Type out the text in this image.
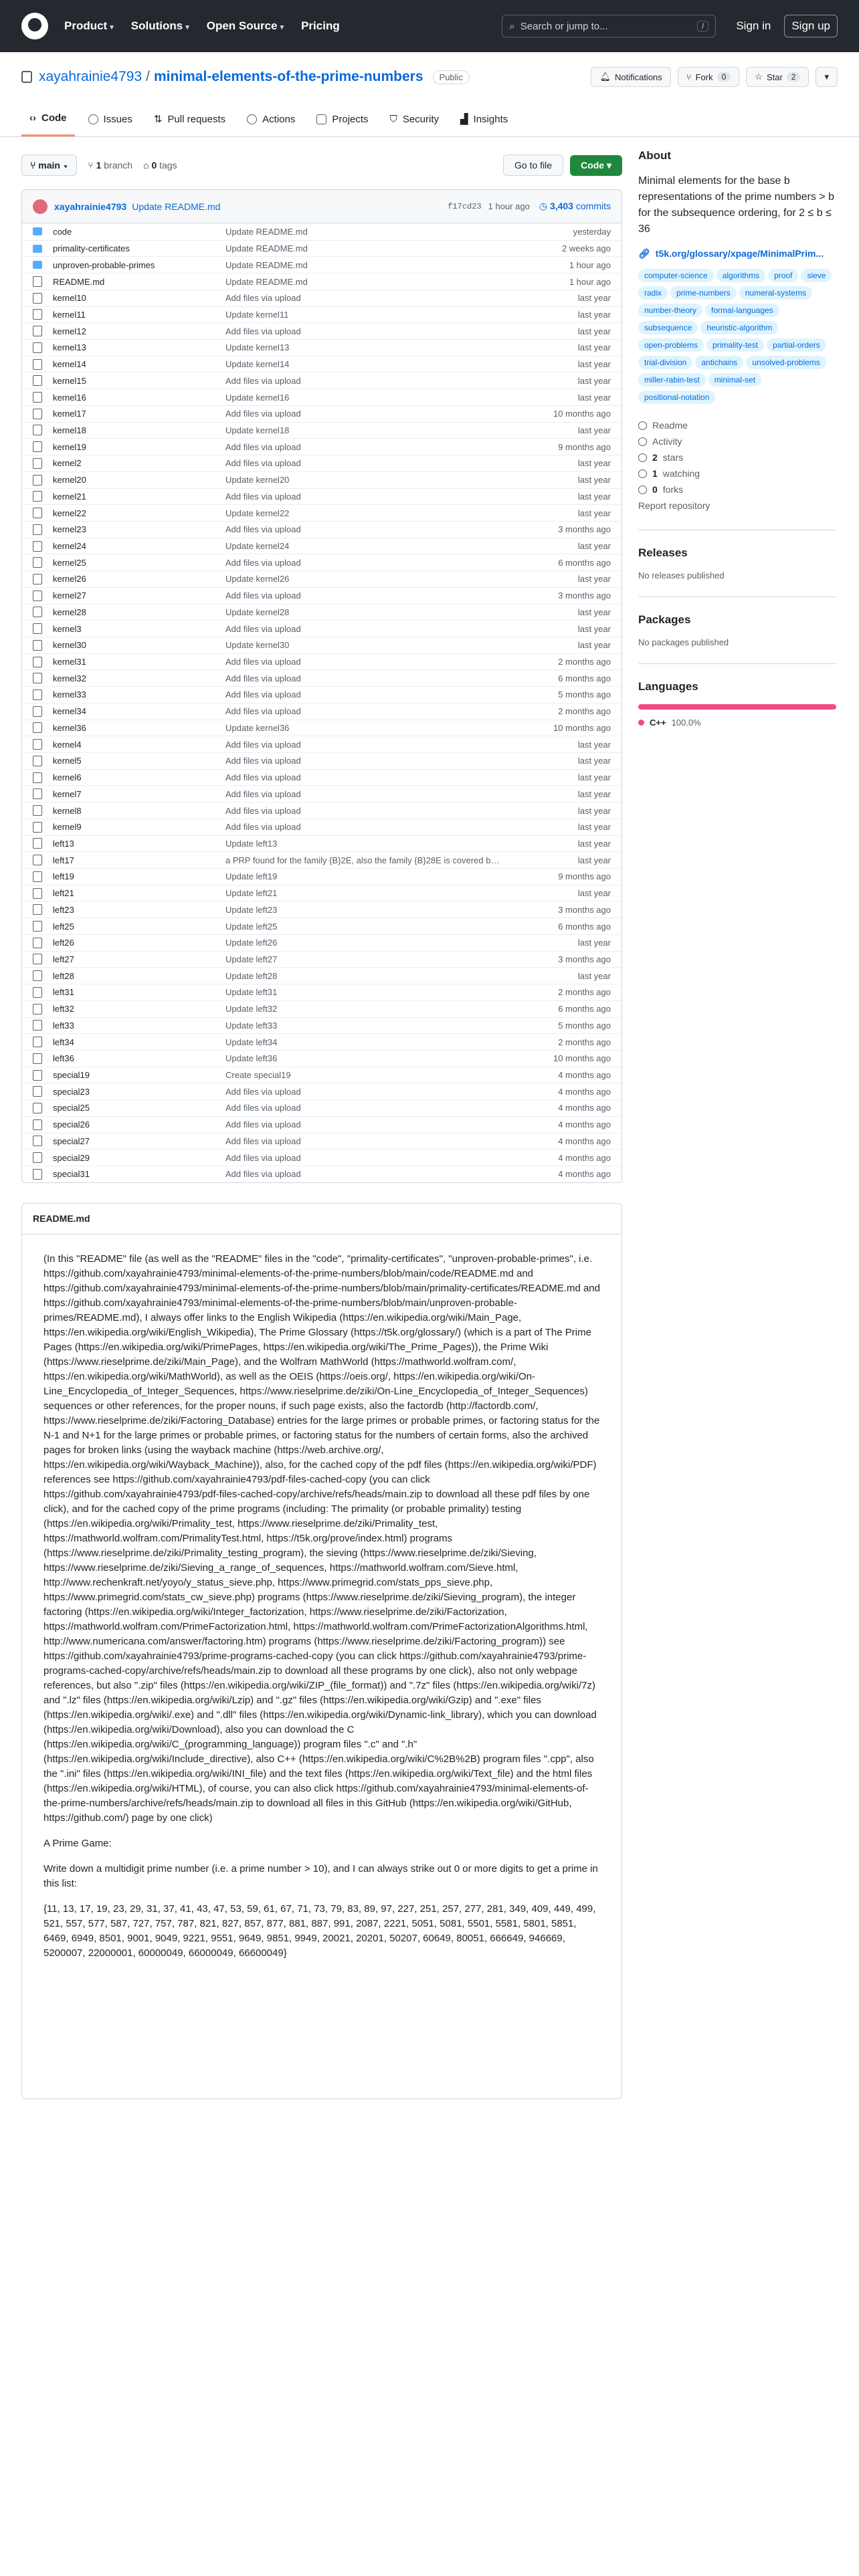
Product ▾ Solutions ▾ Open Source ▾ Pricing	⌕ Search or jump to...	/	Sign in	Sign up
xayahrainie4793 / minimal-elements-of-the-prime-numbers	Public	🔔︎ Notifications	⑂ Fork	0	☆ Star	2	▾
‹› Code	Issues ⇅ Pull requests	Actions	Projects ⛉ Security ▟ Insights
⑂ main ▾	⑂ 1 branch ⌂ 0 tags	Go to file	Code ▾
xayahrainie4793 Update README.md	f17cd23 1 hour ago ◷ 3,403 commits
code	Update README.md	yesterday
primality-certificates	Update README.md	2 weeks ago
unproven-probable-primes	Update README.md	1 hour ago
README.md	Update README.md	1 hour ago
kernel10	Add files via upload	last year
kernel11	Update kernel11	last year
kernel12	Add files via upload	last year
kernel13	Update kernel13	last year
kernel14	Update kernel14	last year
kernel15	Add files via upload	last year
kernel16	Update kernel16	last year
kernel17	Add files via upload	10 months ago
kernel18	Update kernel18	last year
kernel19	Add files via upload	9 months ago
kernel2	Add files via upload	last year
kernel20	Update kernel20	last year
kernel21	Add files via upload	last year
kernel22	Update kernel22	last year
kernel23	Add files via upload	3 months ago
kernel24	Update kernel24	last year
kernel25	Add files via upload	6 months ago
kernel26	Update kernel26	last year
kernel27	Add files via upload	3 months ago
kernel28	Update kernel28	last year
kernel3	Add files via upload	last year
kernel30	Update kernel30	last year
kernel31	Add files via upload	2 months ago
kernel32	Add files via upload	6 months ago
kernel33	Add files via upload	5 months ago
kernel34	Add files via upload	2 months ago
kernel36	Update kernel36	10 months ago
kernel4	Add files via upload	last year
kernel5	Add files via upload	last year
kernel6	Add files via upload	last year
kernel7	Add files via upload	last year
kernel8	Add files via upload	last year
kernel9	Add files via upload	last year
left13	Update left13	last year
left17	a PRP found for the family {B}2E, also the family {B}28E is covered b…	last year
left19	Update left19	9 months ago
left21	Update left21	last year
left23	Update left23	3 months ago
left25	Update left25	6 months ago
left26	Update left26	last year
left27	Update left27	3 months ago
left28	Update left28	last year
left31	Update left31	2 months ago
left32	Update left32	6 months ago
left33	Update left33	5 months ago
left34	Update left34	2 months ago
left36	Update left36	10 months ago
special19	Create special19	4 months ago
special23	Add files via upload	4 months ago
special25	Add files via upload	4 months ago
special26	Add files via upload	4 months ago
special27	Add files via upload	4 months ago
special29	Add files via upload	4 months ago
special31	Add files via upload	4 months ago
README.md

(In this "README" file (as well as the "README" files in the "code", "primality-certificates", "unproven-probable-primes", i.e. https://github.com/xayahrainie4793/minimal-elements-of-the-prime-numbers/blob/main/code/README.md and https://github.com/xayahrainie4793/minimal-elements-of-the-prime-numbers/blob/main/primality-certificates/README.md and https://github.com/xayahrainie4793/minimal-elements-of-the-prime-numbers/blob/main/unproven-probable-primes/README.md), I always offer links to the English Wikipedia (https://en.wikipedia.org/wiki/Main_Page, https://en.wikipedia.org/wiki/English_Wikipedia), The Prime Glossary (https://t5k.org/glossary/) (which is a part of The Prime Pages (https://en.wikipedia.org/wiki/PrimePages, https://en.wikipedia.org/wiki/The_Prime_Pages)), the Prime Wiki (https://www.rieselprime.de/ziki/Main_Page), and the Wolfram MathWorld (https://mathworld.wolfram.com/, https://en.wikipedia.org/wiki/MathWorld), as well as the OEIS (https://oeis.org/, https://en.wikipedia.org/wiki/On-Line_Encyclopedia_of_Integer_Sequences, https://www.rieselprime.de/ziki/On-Line_Encyclopedia_of_Integer_Sequences) sequences or other references, for the proper nouns, if such page exists, also the factordb (http://factordb.com/, https://www.rieselprime.de/ziki/Factoring_Database) entries for the large primes or probable primes, or factoring status for the N-1 and N+1 for the large primes or probable primes, or factoring status for the numbers of certain forms, also the archived pages for broken links (using the wayback machine (https://web.archive.org/, https://en.wikipedia.org/wiki/Wayback_Machine)), also, for the cached copy of the pdf files (https://en.wikipedia.org/wiki/PDF) references see https://github.com/xayahrainie4793/pdf-files-cached-copy (you can click https://github.com/xayahrainie4793/pdf-files-cached-copy/archive/refs/heads/main.zip to download all these pdf files by one click), and for the cached copy of the prime programs (including: The primality (or probable primality) testing (https://en.wikipedia.org/wiki/Primality_test, https://www.rieselprime.de/ziki/Primality_test, https://mathworld.wolfram.com/PrimalityTest.html, https://t5k.org/prove/index.html) programs (https://www.rieselprime.de/ziki/Primality_testing_program), the sieving (https://www.rieselprime.de/ziki/Sieving, https://www.rieselprime.de/ziki/Sieving_a_range_of_sequences, https://mathworld.wolfram.com/Sieve.html, http://www.rechenkraft.net/yoyo/y_status_sieve.php, https://www.primegrid.com/stats_pps_sieve.php, https://www.primegrid.com/stats_cw_sieve.php) programs (https://www.rieselprime.de/ziki/Sieving_program), the integer factoring (https://en.wikipedia.org/wiki/Integer_factorization, https://www.rieselprime.de/ziki/Factorization, https://mathworld.wolfram.com/PrimeFactorization.html, https://mathworld.wolfram.com/PrimeFactorizationAlgorithms.html, http://www.numericana.com/answer/factoring.htm) programs (https://www.rieselprime.de/ziki/Factoring_program)) see https://github.com/xayahrainie4793/prime-programs-cached-copy (you can click https://github.com/xayahrainie4793/prime-programs-cached-copy/archive/refs/heads/main.zip to download all these programs by one click), also not only webpage references, but also ".zip" files (https://en.wikipedia.org/wiki/ZIP_(file_format)) and ".7z" files (https://en.wikipedia.org/wiki/7z) and ".lz" files (https://en.wikipedia.org/wiki/Lzip) and ".gz" files (https://en.wikipedia.org/wiki/Gzip) and ".exe" files (https://en.wikipedia.org/wiki/.exe) and ".dll" files (https://en.wikipedia.org/wiki/Dynamic-link_library), which you can download (https://en.wikipedia.org/wiki/Download), also you can download the C (https://en.wikipedia.org/wiki/C_(programming_language)) program files ".c" and ".h" (https://en.wikipedia.org/wiki/Include_directive), also C++ (https://en.wikipedia.org/wiki/C%2B%2B) program files ".cpp", also the ".ini" files (https://en.wikipedia.org/wiki/INI_file) and the text files (https://en.wikipedia.org/wiki/Text_file) and the html files (https://en.wikipedia.org/wiki/HTML), of course, you can also click https://github.com/xayahrainie4793/minimal-elements-of-the-prime-numbers/archive/refs/heads/main.zip to download all files in this GitHub (https://en.wikipedia.org/wiki/GitHub, https://github.com/) page by one click)

A Prime Game:

Write down a multidigit prime number (i.e. a prime number > 10), and I can always strike out 0 or more digits to get a prime in this list:

{11, 13, 17, 19, 23, 29, 31, 37, 41, 43, 47, 53, 59, 61, 67, 71, 73, 79, 83, 89, 97, 227, 251, 257, 277, 281, 349, 409, 449, 499, 521, 557, 577, 587, 727, 757, 787, 821, 827, 857, 877, 881, 887, 991, 2087, 2221, 5051, 5081, 5501, 5581, 5801, 5851, 6469, 6949, 8501, 9001, 9049, 9221, 9551, 9649, 9851, 9949, 20021, 20201, 50207, 60649, 80051, 666649, 946669, 5200007, 22000001, 60000049, 66000049, 66600049}

About
Minimal elements for the base b representations of the prime numbers > b for the subsequence ordering, for 2 ≤ b ≤ 36
🔗︎ t5k.org/glossary/xpage/MinimalPrim...
computer-science	algorithms	proof	sieve
radix	prime-numbers	numeral-systems
number-theory	formal-languages
subsequence	heuristic-algorithm
open-problems	primality-test	partial-orders
trial-division	antichains	unsolved-problems
miller-rabin-test	minimal-set
positional-notation
Readme
Activity
2 stars
1 watching
0 forks
Report repository
Releases
No releases published
Packages
No packages published
Languages
C++ 100.0%
